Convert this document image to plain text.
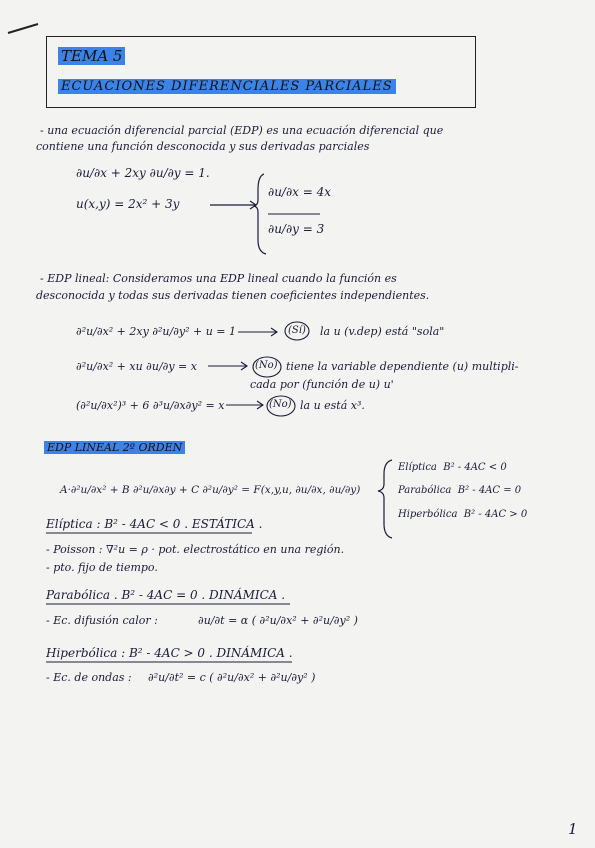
TEMA 5
ECUACIONES DIFERENCIALES PARCIALES
- una ecuación diferencial parcial (EDP) es una ecuación diferencial que
contiene una función desconocida y sus derivadas parciales
∂u/∂x + 2xy ∂u/∂y = 1.
u(x,y) = 2x² + 3y
∂u/∂x = 4x
∂u/∂y = 3
- EDP lineal: Consideramos una EDP lineal cuando la función es
desconocida y todas sus derivadas tienen coeficientes independientes.
∂²u/∂x² + 2xy ∂²u/∂y² + u = 1	(Sí) la u (v.dep) está "sola"
∂²u/∂x² + xu ∂u/∂y = x	(No) tiene la variable dependiente (u) multipli-
cada por (función de u) u'
(∂²u/∂x²)³ + 6 ∂³u/∂x∂y² = x	(No) la u está x³.
EDP LINEAL 2º ORDEN
A·∂²u/∂x² + B ∂²u/∂x∂y + C ∂²u/∂y² = F(x,y,u, ∂u/∂x, ∂u/∂y)
Elíptica B² - 4AC < 0
Parabólica B² - 4AC = 0
Hiperbólica B² - 4AC > 0
Elíptica : B² - 4AC < 0 . ESTÁTICA .
- Poisson : ∇²u = ρ · pot. electrostático en una región.
- pto. fijo de tiempo.
Parabólica . B² - 4AC = 0 . DINÁMICA .
- Ec. difusión calor :	∂u/∂t = α ( ∂²u/∂x² + ∂²u/∂y² )
Hiperbólica : B² - 4AC > 0 . DINÁMICA .
- Ec. de ondas : ∂²u/∂t² = c ( ∂²u/∂x² + ∂²u/∂y² )
1
